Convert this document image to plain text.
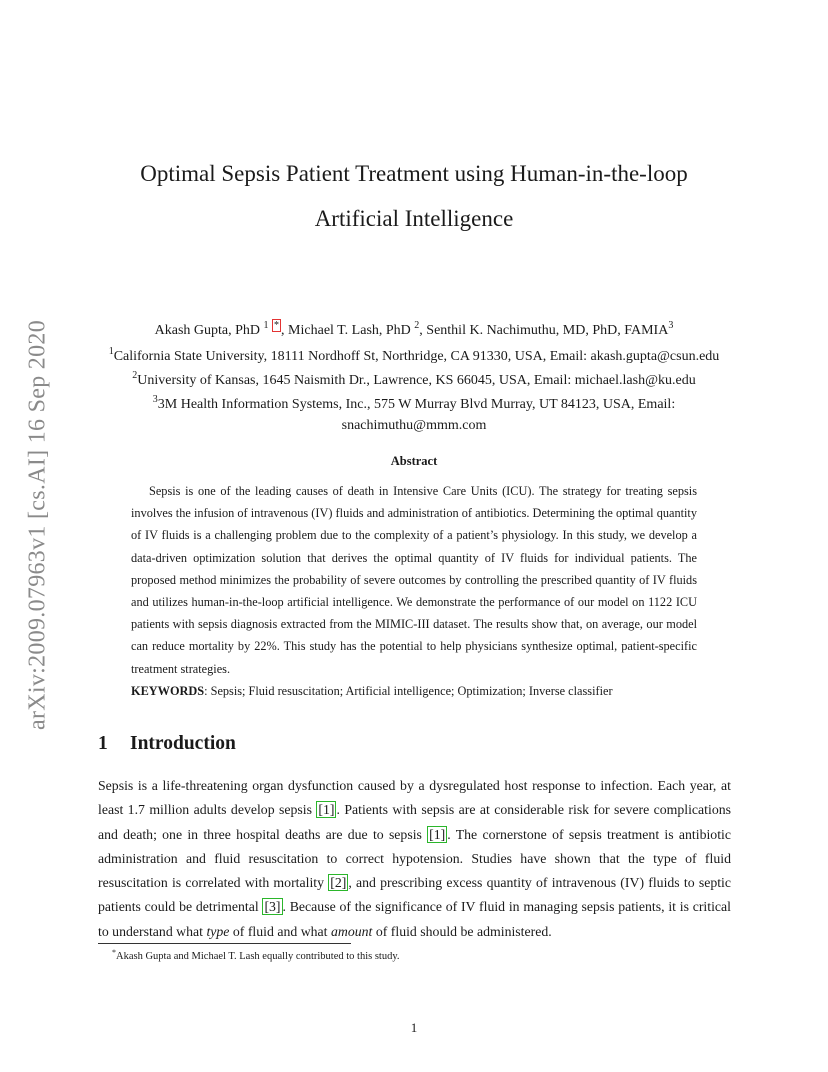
arXiv:2009.07963v1 [cs.AI] 16 Sep 2020
Optimal Sepsis Patient Treatment using Human-in-the-loop
Artificial Intelligence
Akash Gupta, PhD $^1$ * , Michael T. Lash, PhD $^2$, Senthil K. Nachimuthu, MD, PhD, FAMIA$^3$
$^1$California State University, 18111 Nordhoff St, Northridge, CA 91330, USA, Email: akash.gupta@csun.edu
$^2$University of Kansas, 1645 Naismith Dr., Lawrence, KS 66045, USA, Email: michael.lash@ku.edu
$^3$3M Health Information Systems, Inc., 575 W Murray Blvd Murray, UT 84123, USA, Email:
snachimuthu@mmm.com
Abstract
Sepsis is one of the leading causes of death in Intensive Care Units (ICU). The strategy for treating sepsis involves the infusion of intravenous (IV) fluids and administration of antibiotics. Determining the optimal quantity of IV fluids is a challenging problem due to the complexity of a patient’s physiology. In this study, we develop a data-driven optimization solution that derives the optimal quantity of IV fluids for individual patients. The proposed method minimizes the probability of severe outcomes by controlling the prescribed quantity of IV fluids and utilizes human-in-the-loop artificial intelligence. We demonstrate the performance of our model on 1122 ICU patients with sepsis diagnosis extracted from the MIMIC-III dataset. The results show that, on average, our model can reduce mortality by 22%. This study has the potential to help physicians synthesize optimal, patient-specific treatment strategies.
KEYWORDS: Sepsis; Fluid resuscitation; Artificial intelligence; Optimization; Inverse classifier
1 Introduction
Sepsis is a life-threatening organ dysfunction caused by a dysregulated host response to infection. Each year, at least 1.7 million adults develop sepsis [1] . Patients with sepsis are at considerable risk for severe complications and death; one in three hospital deaths are due to sepsis [1] . The cornerstone of sepsis treatment is antibiotic administration and fluid resuscitation to correct hypotension. Studies have shown that the type of fluid resuscitation is correlated with mortality [2] , and prescribing excess quantity of intravenous (IV) fluids to septic patients could be detrimental [3] . Because of the significance of IV fluid in managing sepsis patients, it is critical to understand what type of fluid and what amount of fluid should be administered.
*Akash Gupta and Michael T. Lash equally contributed to this study.
1
